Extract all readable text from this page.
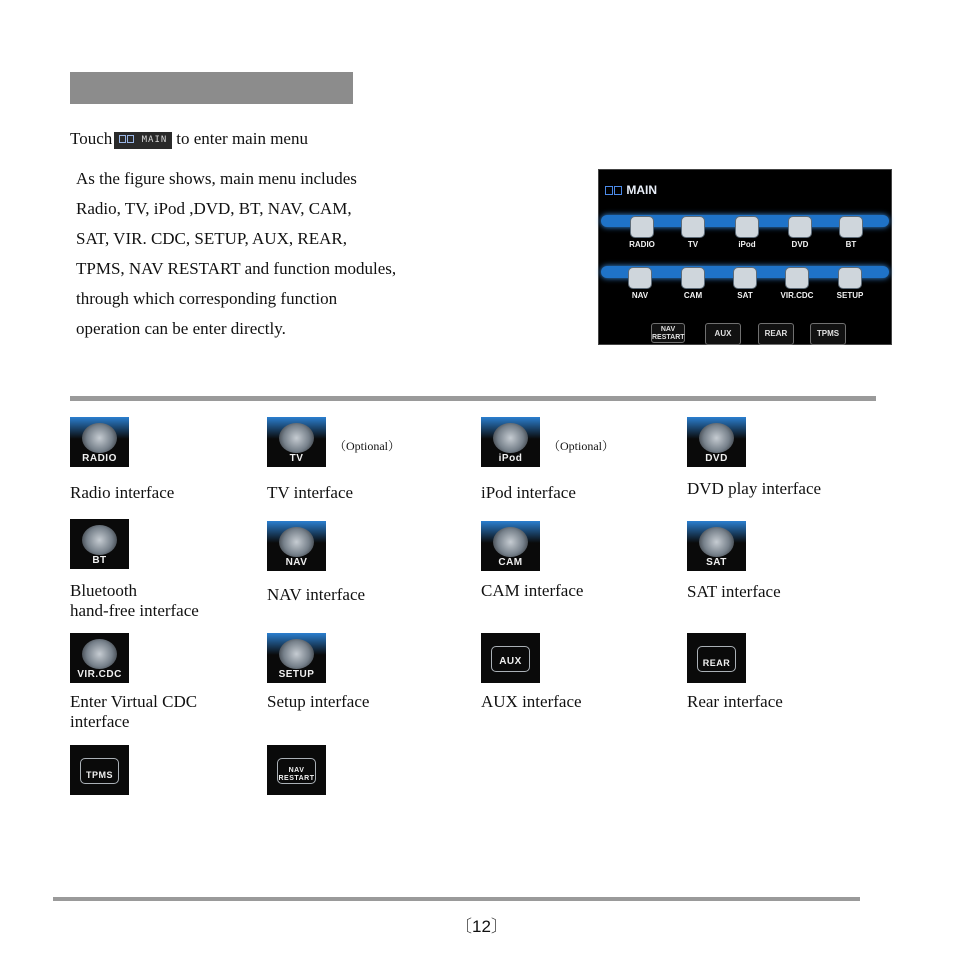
Touch	MAIN to enter main menu
As the figure shows, main menu includes
Radio, TV, iPod ,DVD, BT, NAV, CAM,
SAT, VIR. CDC, SETUP, AUX, REAR,
TPMS, NAV RESTART and function modules,
through which corresponding function
operation can be enter directly.
MAIN
RADIO	TV	iPod	DVD	BT
NAV	CAM	SAT	VIR.CDC	SETUP
NAV
RESTART	AUX	REAR	TPMS
RADIO
Radio interface
TV
（Optional）
TV interface
iPod
（Optional）
iPod interface
DVD
DVD play interface
BT
Bluetooth
hand-free interface
NAV
NAV interface
CAM
CAM interface
SAT
SAT interface
VIR.CDC
Enter Virtual CDC
interface
SETUP
Setup interface
AUX
AUX interface
REAR
Rear interface
TPMS	NAV
RESTART
〔12〕
